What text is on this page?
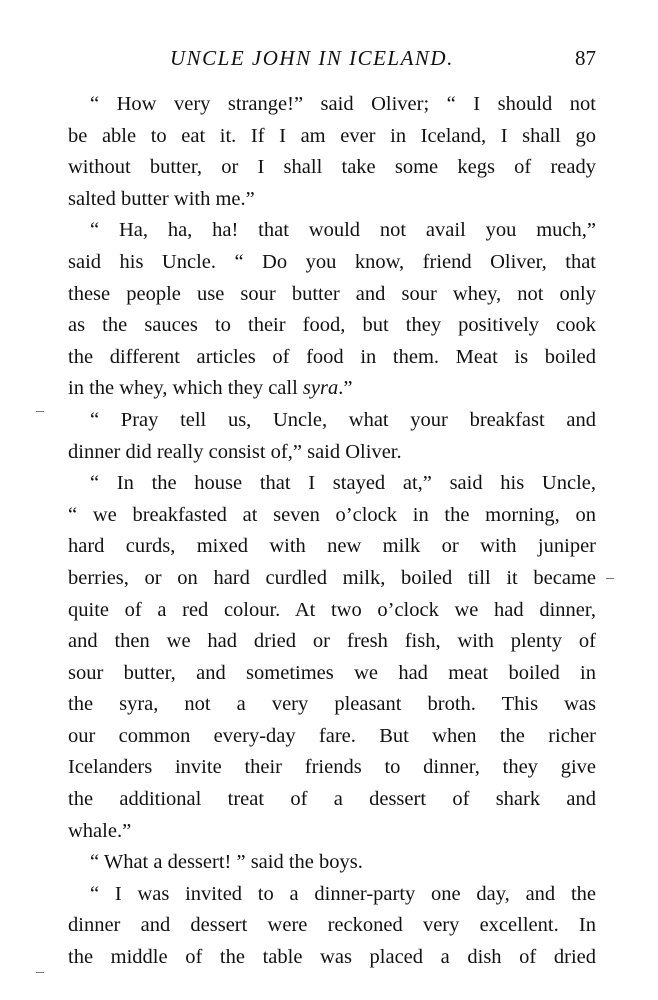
UNCLE JOHN IN ICELAND.	87
“ How very strange!” said Oliver; “ I should not
be able to eat it. If I am ever in Iceland, I shall go
without butter, or I shall take some kegs of ready
salted butter with me.”
“ Ha, ha, ha! that would not avail you much,”
said his Uncle. “ Do you know, friend Oliver, that
these people use sour butter and sour whey, not only
as the sauces to their food, but they positively cook
the different articles of food in them. Meat is boiled
in the whey, which they call syra.”
“ Pray tell us, Uncle, what your breakfast and
dinner did really consist of,” said Oliver.
“ In the house that I stayed at,” said his Uncle,
“ we breakfasted at seven o’clock in the morning, on
hard curds, mixed with new milk or with juniper
berries, or on hard curdled milk, boiled till it became
quite of a red colour. At two o’clock we had dinner,
and then we had dried or fresh fish, with plenty of
sour butter, and sometimes we had meat boiled in
the syra, not a very pleasant broth. This was
our common every-day fare. But when the richer
Icelanders invite their friends to dinner, they give
the additional treat of a dessert of shark and
whale.”
“ What a dessert! ” said the boys.
“ I was invited to a dinner-party one day, and the
dinner and dessert were reckoned very excellent. In
the middle of the table was placed a dish of dried
